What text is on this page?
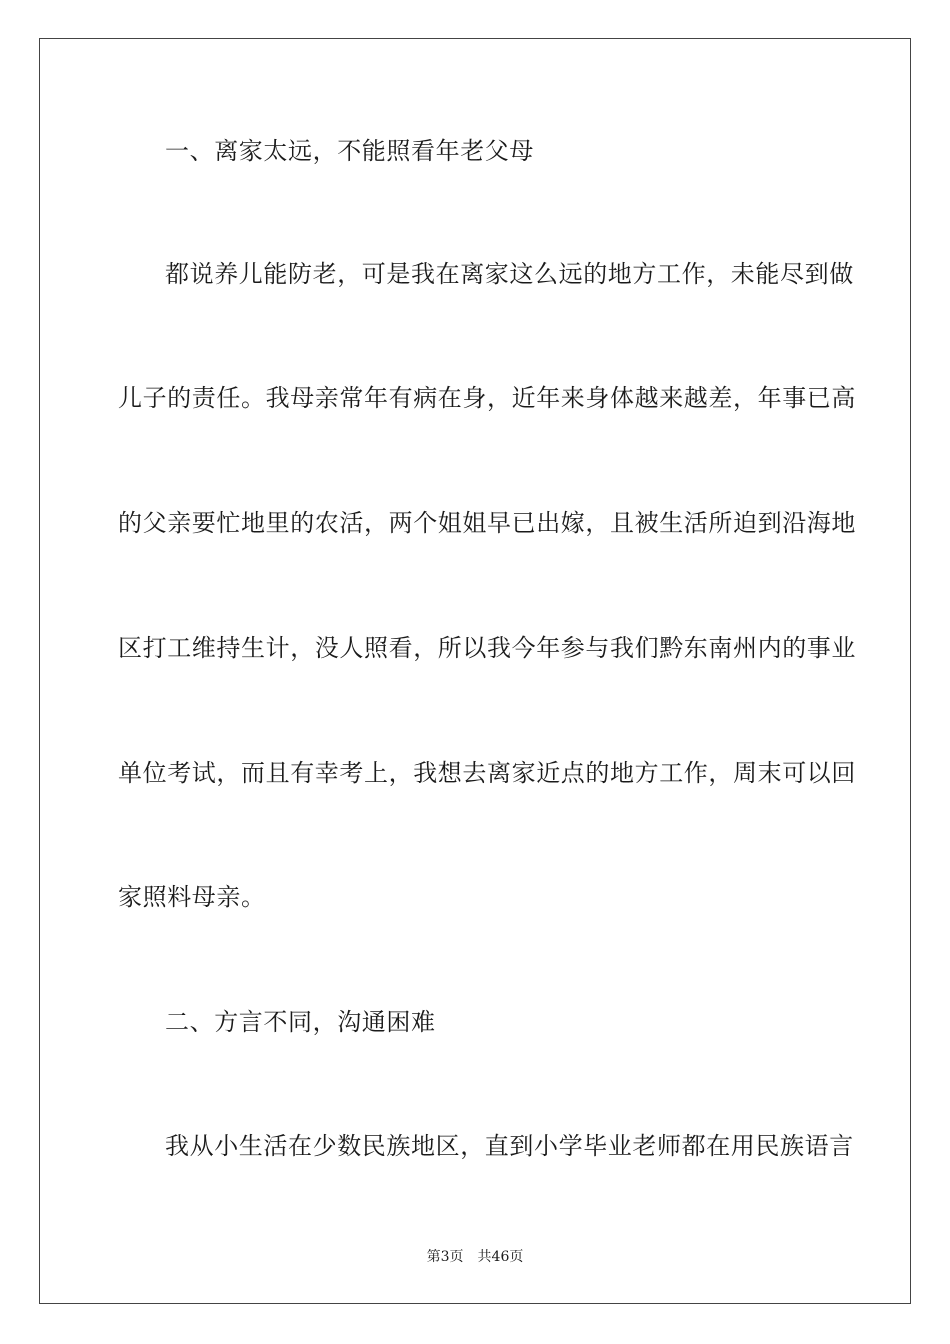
一、离家太远，不能照看年老父母
都说养儿能防老，可是我在离家这么远的地方工作，未能尽到做
儿子的责任。我母亲常年有病在身，近年来身体越来越差，年事已高
的父亲要忙地里的农活，两个姐姐早已出嫁，且被生活所迫到沿海地
区打工维持生计，没人照看，所以我今年参与我们黔东南州内的事业
单位考试，而且有幸考上，我想去离家近点的地方工作，周末可以回
家照料母亲。
二、方言不同，沟通困难
我从小生活在少数民族地区，直到小学毕业老师都在用民族语言
第3页 共46页
